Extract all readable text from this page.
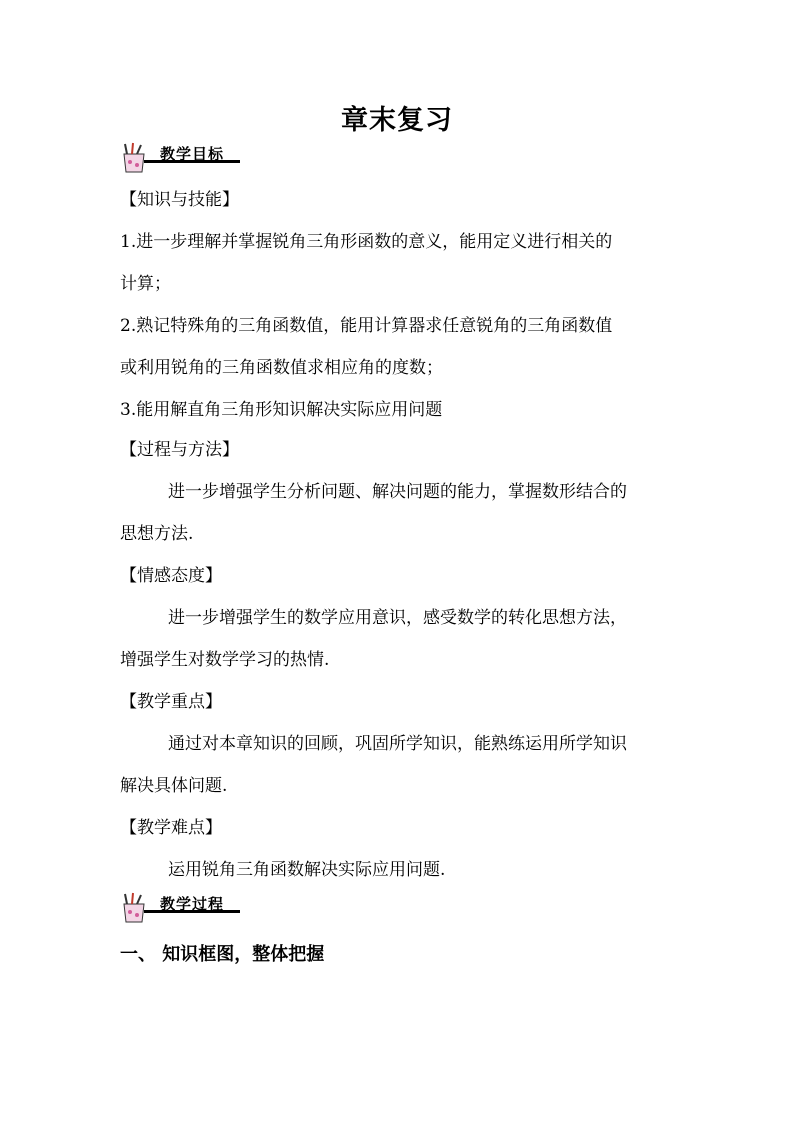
章末复习
教学目标
【知识与技能】
1.进一步理解并掌握锐角三角形函数的意义，能用定义进行相关的
计算；
2.熟记特殊角的三角函数值，能用计算器求任意锐角的三角函数值
或利用锐角的三角函数值求相应角的度数；
3.能用解直角三角形知识解决实际应用问题
【过程与方法】
进一步增强学生分析问题、解决问题的能力，掌握数形结合的
思想方法.
【情感态度】
进一步增强学生的数学应用意识，感受数学的转化思想方法，
增强学生对数学学习的热情.
【教学重点】
通过对本章知识的回顾，巩固所学知识，能熟练运用所学知识
解决具体问题.
【教学难点】
运用锐角三角函数解决实际应用问题.
教学过程
一、 知识框图，整体把握
